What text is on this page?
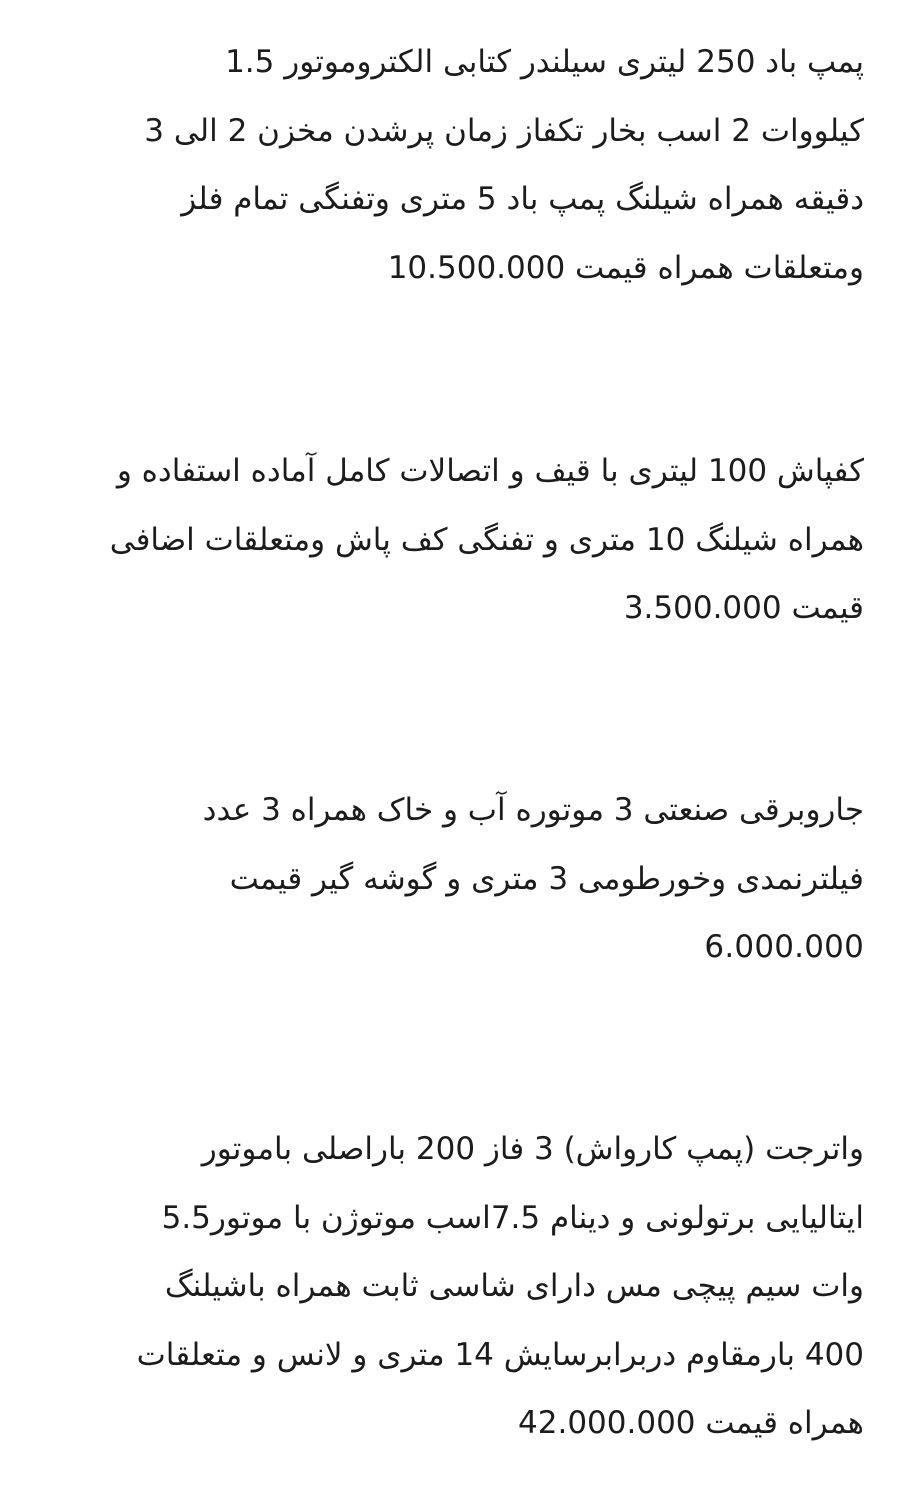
پمپ باد 250 لیتری سیلندر کتابی الکتروموتور 1.5
کیلووات 2 اسب بخار تکفاز زمان پرشدن مخزن 2 الی 3
دقیقه همراه شیلنگ پمپ باد 5 متری وتفنگی تمام فلز
ومتعلقات همراه قیمت 10.500.000
کفپاش 100 لیتری با قیف و اتصالات کامل آماده استفاده و
همراه شیلنگ 10 متری و تفنگی کف پاش ومتعلقات اضافی
قیمت 3.500.000
جاروبرقی صنعتی 3 موتوره آب و خاک همراه 3 عدد
فیلترنمدی وخورطومی 3 متری و گوشه گیر قیمت
6.000.000
واترجت (پمپ کارواش) 3 فاز 200 باراصلی باموتور
ایتالیایی برتولونی و دینام 7.5اسب موتوژن با موتور5.5
وات سیم پیچی مس دارای شاسی ثابت همراه باشیلنگ
400 بارمقاوم دربرابرسایش 14 متری و لانس و متعلقات
همراه قیمت 42.000.000
